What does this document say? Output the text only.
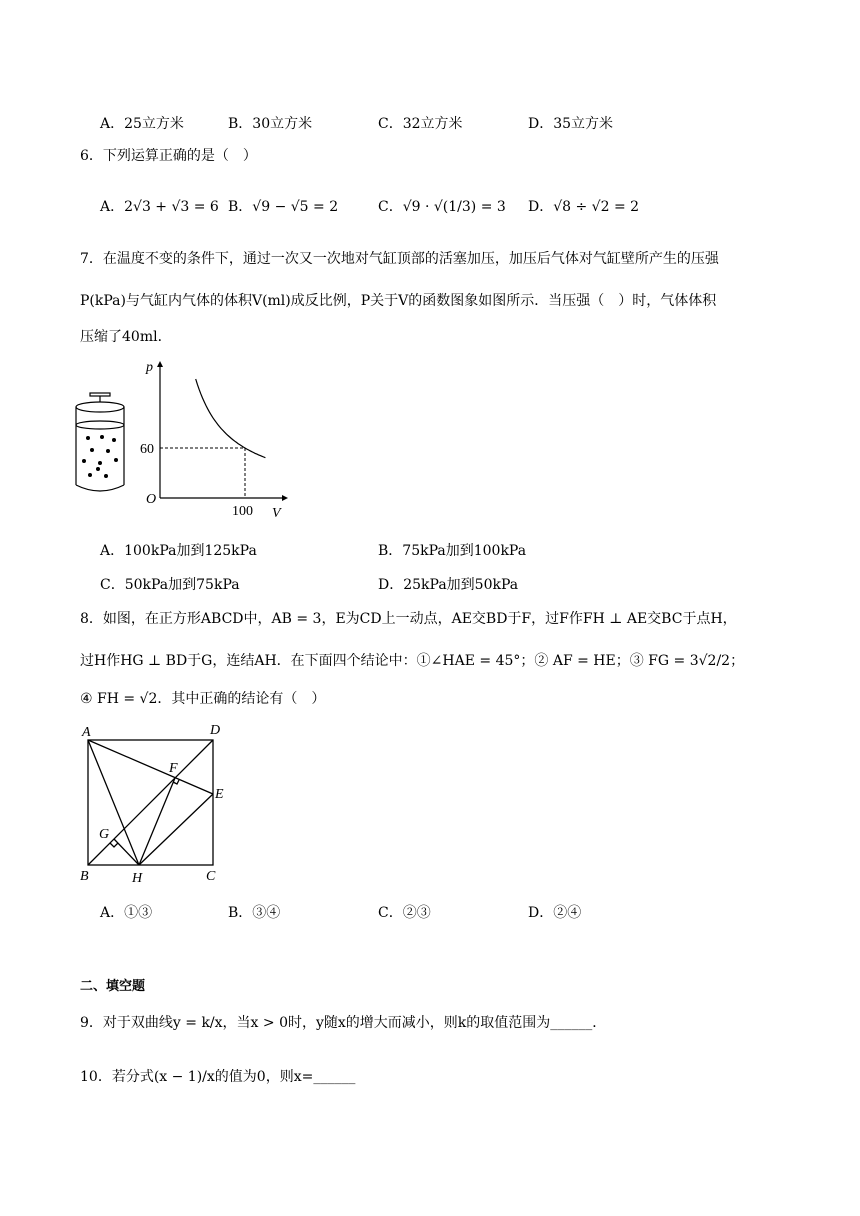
A．25立方米	B．30立方米	C．32立方米	D．35立方米
6．下列运算正确的是（　）
A．2√3 + √3 = 6 B．√9 − √5 = 2	C．√9 · √(1/3) = 3 D．√8 ÷ √2 = 2
7．在温度不变的条件下，通过一次又一次地对气缸顶部的活塞加压，加压后气体对气缸壁所产生的压强
P(kPa)与气缸内气体的体积V(ml)成反比例，P关于V的函数图象如图所示．当压强（　）时，气体体积
压缩了40ml．
p
V
O
60
100
A．100kPa加到125kPa	B．75kPa加到100kPa
C．50kPa加到75kPa	D．25kPa加到50kPa
8．如图，在正方形ABCD中，AB = 3，E为CD上一动点，AE交BD于F，过F作FH ⊥ AE交BC于点H，
过H作HG ⊥ BD于G，连结AH．在下面四个结论中：①∠HAE = 45°；② AF = HE；③ FG = 3√2/2；
④ FH = √2．其中正确的结论有（　）
A	D
F
E
G
B	H	C
A．①③	B．③④	C．②③	D．②④
二、填空题
9．对于双曲线y = k/x，当x > 0时，y随x的增大而减小，则k的取值范围为______．
10．若分式(x − 1)/x的值为0，则x=______
